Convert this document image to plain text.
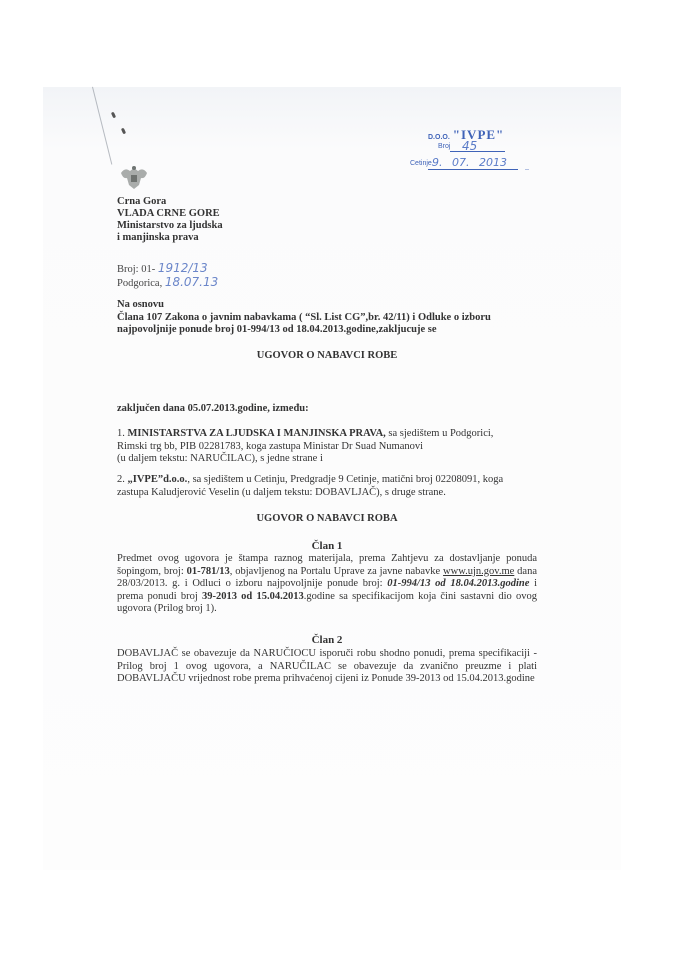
D.O.O. "IVPE"
Broj 45
Cetinje,
9. 07. 2013 ..
Crna Gora
VLADA CRNE GORE
Ministarstvo za ljudska
i manjinska prava
Broj: 01- 1912/13
Podgorica, 18.07.13
Na osnovu
Člana 107 Zakona o javnim nabavkama ( “Sl. List CG”,br. 42/11) i Odluke o izboru
najpovoljnije ponude broj 01-994/13 od 18.04.2013.godine,zakljucuje se
UGOVOR O NABAVCI ROBE
zaključen dana 05.07.2013.godine, između:
1. MINISTARSTVA ZA LJUDSKA I MANJINSKA PRAVA, sa sjedištem u Podgorici,
Rimski trg bb, PIB 02281783, koga zastupa Ministar Dr Suad Numanovi
(u daljem tekstu: NARUČILAC), s jedne strane i
2. „IVPE”d.o.o., sa sjedištem u Cetinju, Predgradje 9 Cetinje, matični broj 02208091, koga
zastupa Kaludjerović Veselin (u daljem tekstu: DOBAVLJAČ), s druge strane.
UGOVOR O NABAVCI ROBA
Član 1
Predmet ovog ugovora je štampa raznog materijala, prema Zahtjevu za dostavljanje ponuda šopingom, broj: 01-781/13, objavljenog na Portalu Uprave za javne nabavke www.ujn.gov.me dana 28/03/2013. g. i Odluci o izboru najpovoljnije ponude broj: 01-994/13 od 18.04.2013.godine i prema ponudi broj 39-2013 od 15.04.2013.godine sa specifikacijom koja čini sastavni dio ovog ugovora (Prilog broj 1).
Član 2
DOBAVLJAČ se obavezuje da NARUČIOCU isporuči robu shodno ponudi, prema specifikaciji - Prilog broj 1 ovog ugovora, a NARUČILAC se obavezuje da zvanično preuzme i plati DOBAVLJAČU vrijednost robe prema prihvaćenoj cijeni iz Ponude 39-2013 od 15.04.2013.godine
